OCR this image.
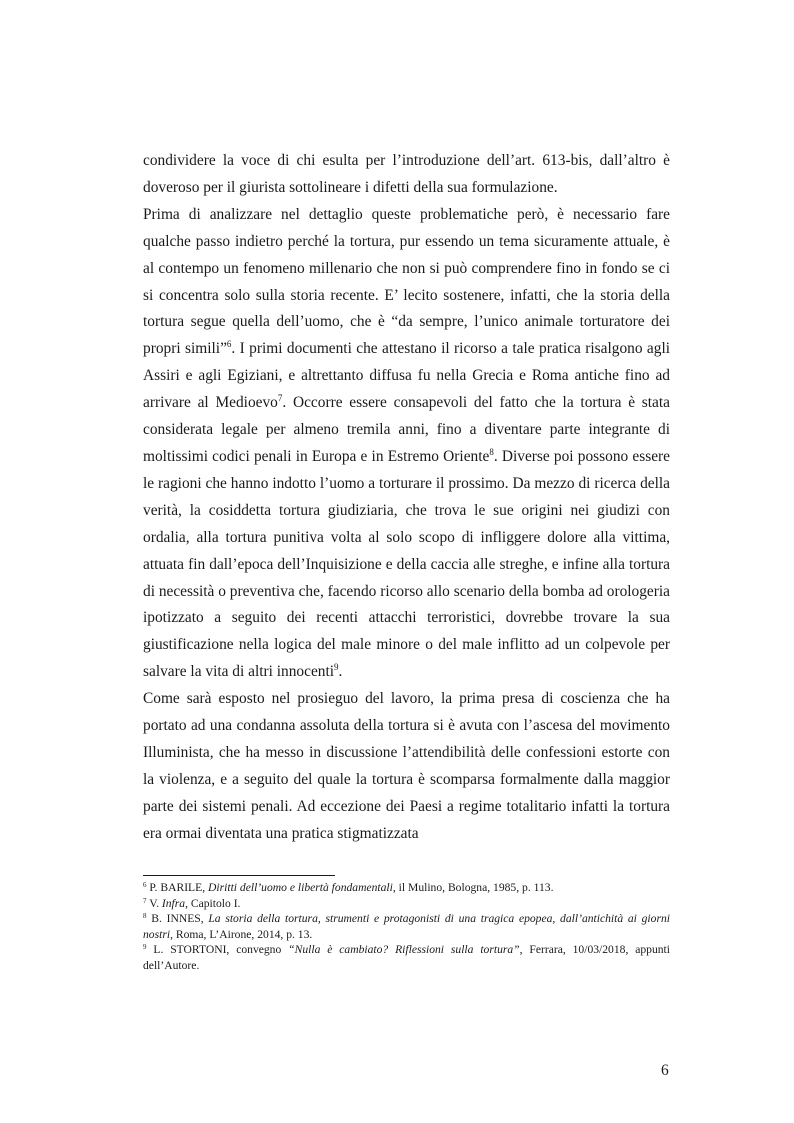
condividere la voce di chi esulta per l’introduzione dell’art. 613-bis, dall’altro è doveroso per il giurista sottolineare i difetti della sua formulazione.

Prima di analizzare nel dettaglio queste problematiche però, è necessario fare qualche passo indietro perché la tortura, pur essendo un tema sicuramente attuale, è al contempo un fenomeno millenario che non si può comprendere fino in fondo se ci si concentra solo sulla storia recente. E’ lecito sostenere, infatti, che la storia della tortura segue quella dell’uomo, che è “da sempre, l’unico animale torturatore dei propri simili”$^6$. I primi documenti che attestano il ricorso a tale pratica risalgono agli Assiri e agli Egiziani, e altrettanto diffusa fu nella Grecia e Roma antiche fino ad arrivare al Medioevo$^7$. Occorre essere consapevoli del fatto che la tortura è stata considerata legale per almeno tremila anni, fino a diventare parte integrante di moltissimi codici penali in Europa e in Estremo Oriente$^8$. Diverse poi possono essere le ragioni che hanno indotto l’uomo a torturare il prossimo. Da mezzo di ricerca della verità, la cosiddetta tortura giudiziaria, che trova le sue origini nei giudizi con ordalia, alla tortura punitiva volta al solo scopo di infliggere dolore alla vittima, attuata fin dall’epoca dell’Inquisizione e della caccia alle streghe, e infine alla tortura di necessità o preventiva che, facendo ricorso allo scenario della bomba ad orologeria ipotizzato a seguito dei recenti attacchi terroristici, dovrebbe trovare la sua giustificazione nella logica del male minore o del male inflitto ad un colpevole per salvare la vita di altri innocenti$^9$.

Come sarà esposto nel prosieguo del lavoro, la prima presa di coscienza che ha portato ad una condanna assoluta della tortura si è avuta con l’ascesa del movimento Illuminista, che ha messo in discussione l’attendibilità delle confessioni estorte con la violenza, e a seguito del quale la tortura è scomparsa formalmente dalla maggior parte dei sistemi penali. Ad eccezione dei Paesi a regime totalitario infatti la tortura era ormai diventata una pratica stigmatizzata

$^6$ P. BARILE, Diritti dell’uomo e libertà fondamentali, il Mulino, Bologna, 1985, p. 113.

$^7$ V. Infra, Capitolo I.

$^8$ B. INNES, La storia della tortura, strumenti e protagonisti di una tragica epopea, dall’antichità ai giorni nostri, Roma, L’Airone, 2014, p. 13.

$^9$ L. STORTONI, convegno “Nulla è cambiato? Riflessioni sulla tortura”, Ferrara, 10/03/2018, appunti dell’Autore.

6
